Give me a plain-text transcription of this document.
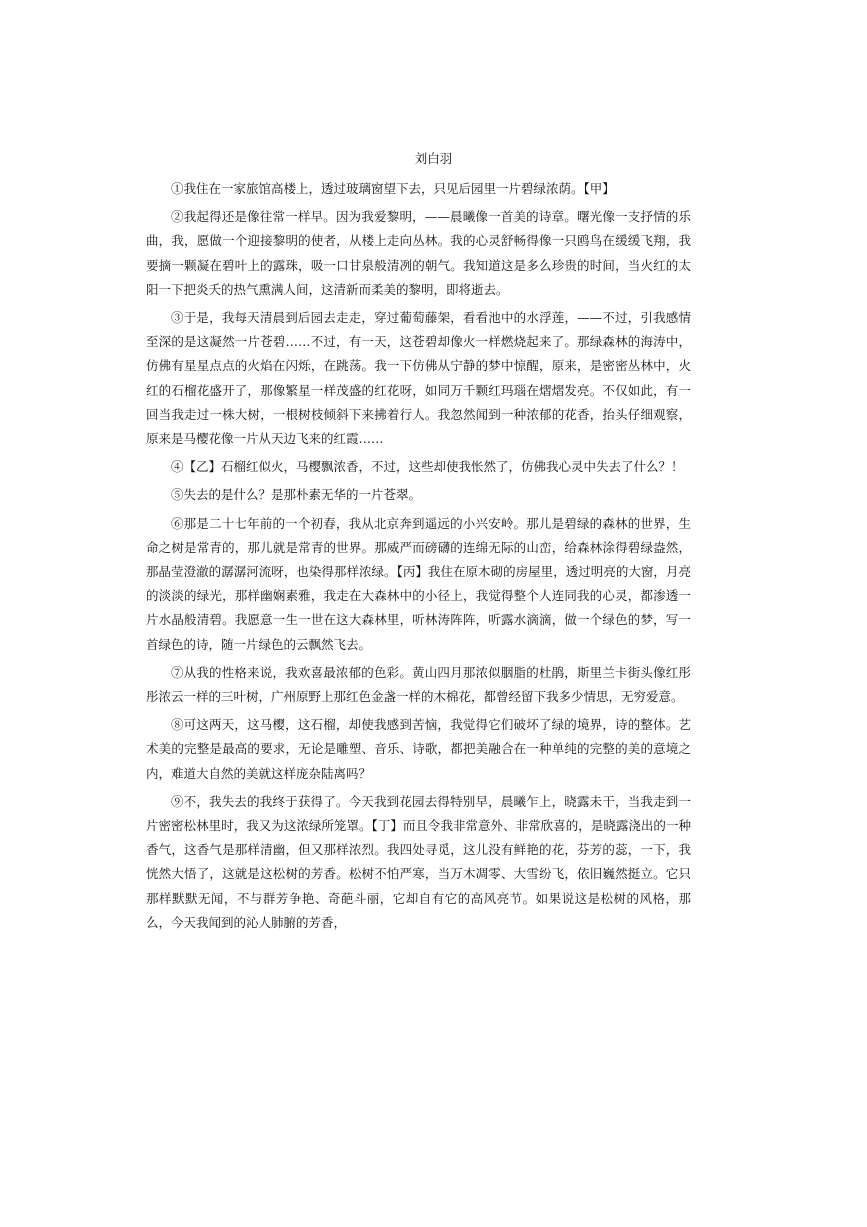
刘白羽

①我住在一家旅馆高楼上，透过玻璃窗望下去，只见后园里一片碧绿浓荫。【甲】

②我起得还是像往常一样早。因为我爱黎明，——晨曦像一首美的诗章。曙光像一支抒情的乐曲，我，愿做一个迎接黎明的使者，从楼上走向丛林。我的心灵舒畅得像一只鸥鸟在缓缓飞翔，我要摘一颗凝在碧叶上的露珠，吸一口甘泉般清冽的朝气。我知道这是多么珍贵的时间，当火红的太阳一下把炎夭的热气熏满人间，这清新而柔美的黎明，即将逝去。

③于是，我每天清晨到后园去走走，穿过葡萄藤架，看看池中的水浮莲，——不过，引我感情至深的是这凝然一片苍碧……不过，有一天，这苍碧却像火一样燃烧起来了。那绿森林的海涛中，仿佛有星星点点的火焰在闪烁，在跳荡。我一下仿佛从宁静的梦中惊醒，原来，是密密丛林中，火红的石榴花盛开了，那像繁星一样茂盛的红花呀，如同万千颗红玛瑙在熠熠发亮。不仅如此，有一回当我走过一株大树，一根树枝倾斜下来拂着行人。我忽然闻到一种浓郁的花香，抬头仔细观察，原来是马樱花像一片从天边飞来的红霞……

④【乙】石榴红似火，马樱飘浓香，不过，这些却使我怅然了，仿佛我心灵中失去了什么？！

⑤失去的是什么？是那朴素无华的一片苍翠。

⑥那是二十七年前的一个初春，我从北京奔到遥远的小兴安岭。那儿是碧绿的森林的世界，生命之树是常青的，那儿就是常青的世界。那威严而磅礴的连绵无际的山峦，给森林涂得碧绿盎然，那晶莹澄澈的潺潺河流呀，也染得那样浓绿。【丙】我住在原木砌的房屋里，透过明亮的大窗，月亮的淡淡的绿光，那样幽娴素雅，我走在大森林中的小径上，我觉得整个人连同我的心灵，都渗透一片水晶般清碧。我愿意一生一世在这大森林里，听林涛阵阵，听露水滴滴，做一个绿色的梦，写一首绿色的诗，随一片绿色的云飘然飞去。

⑦从我的性格来说，我欢喜最浓郁的色彩。黄山四月那浓似胭脂的杜鹃，斯里兰卡街头像红彤彤浓云一样的三叶树，广州原野上那红色金盏一样的木棉花，都曾经留下我多少情思，无穷爱意。

⑧可这两天，这马樱，这石榴，却使我感到苦恼，我觉得它们破坏了绿的境界，诗的整体。艺术美的完整是最高的要求，无论是雕塑、音乐、诗歌，都把美融合在一种单纯的完整的美的意境之内，难道大自然的美就这样庞杂陆离吗？

⑨不，我失去的我终于获得了。今天我到花园去得特别早，晨曦乍上，晓露未干，当我走到一片密密松林里时，我又为这浓绿所笼罩。【丁】而且令我非常意外、非常欣喜的，是晓露浇出的一种香气，这香气是那样清幽，但又那样浓烈。我四处寻觅，这儿没有鲜艳的花，芬芳的蕊，一下，我恍然大悟了，这就是这松树的芳香。松树不怕严寒，当万木凋零、大雪纷飞，依旧巍然挺立。它只那样默默无闻，不与群芳争艳、奇葩斗丽，它却自有它的高风亮节。如果说这是松树的风格，那么，今天我闻到的沁人肺腑的芳香，
